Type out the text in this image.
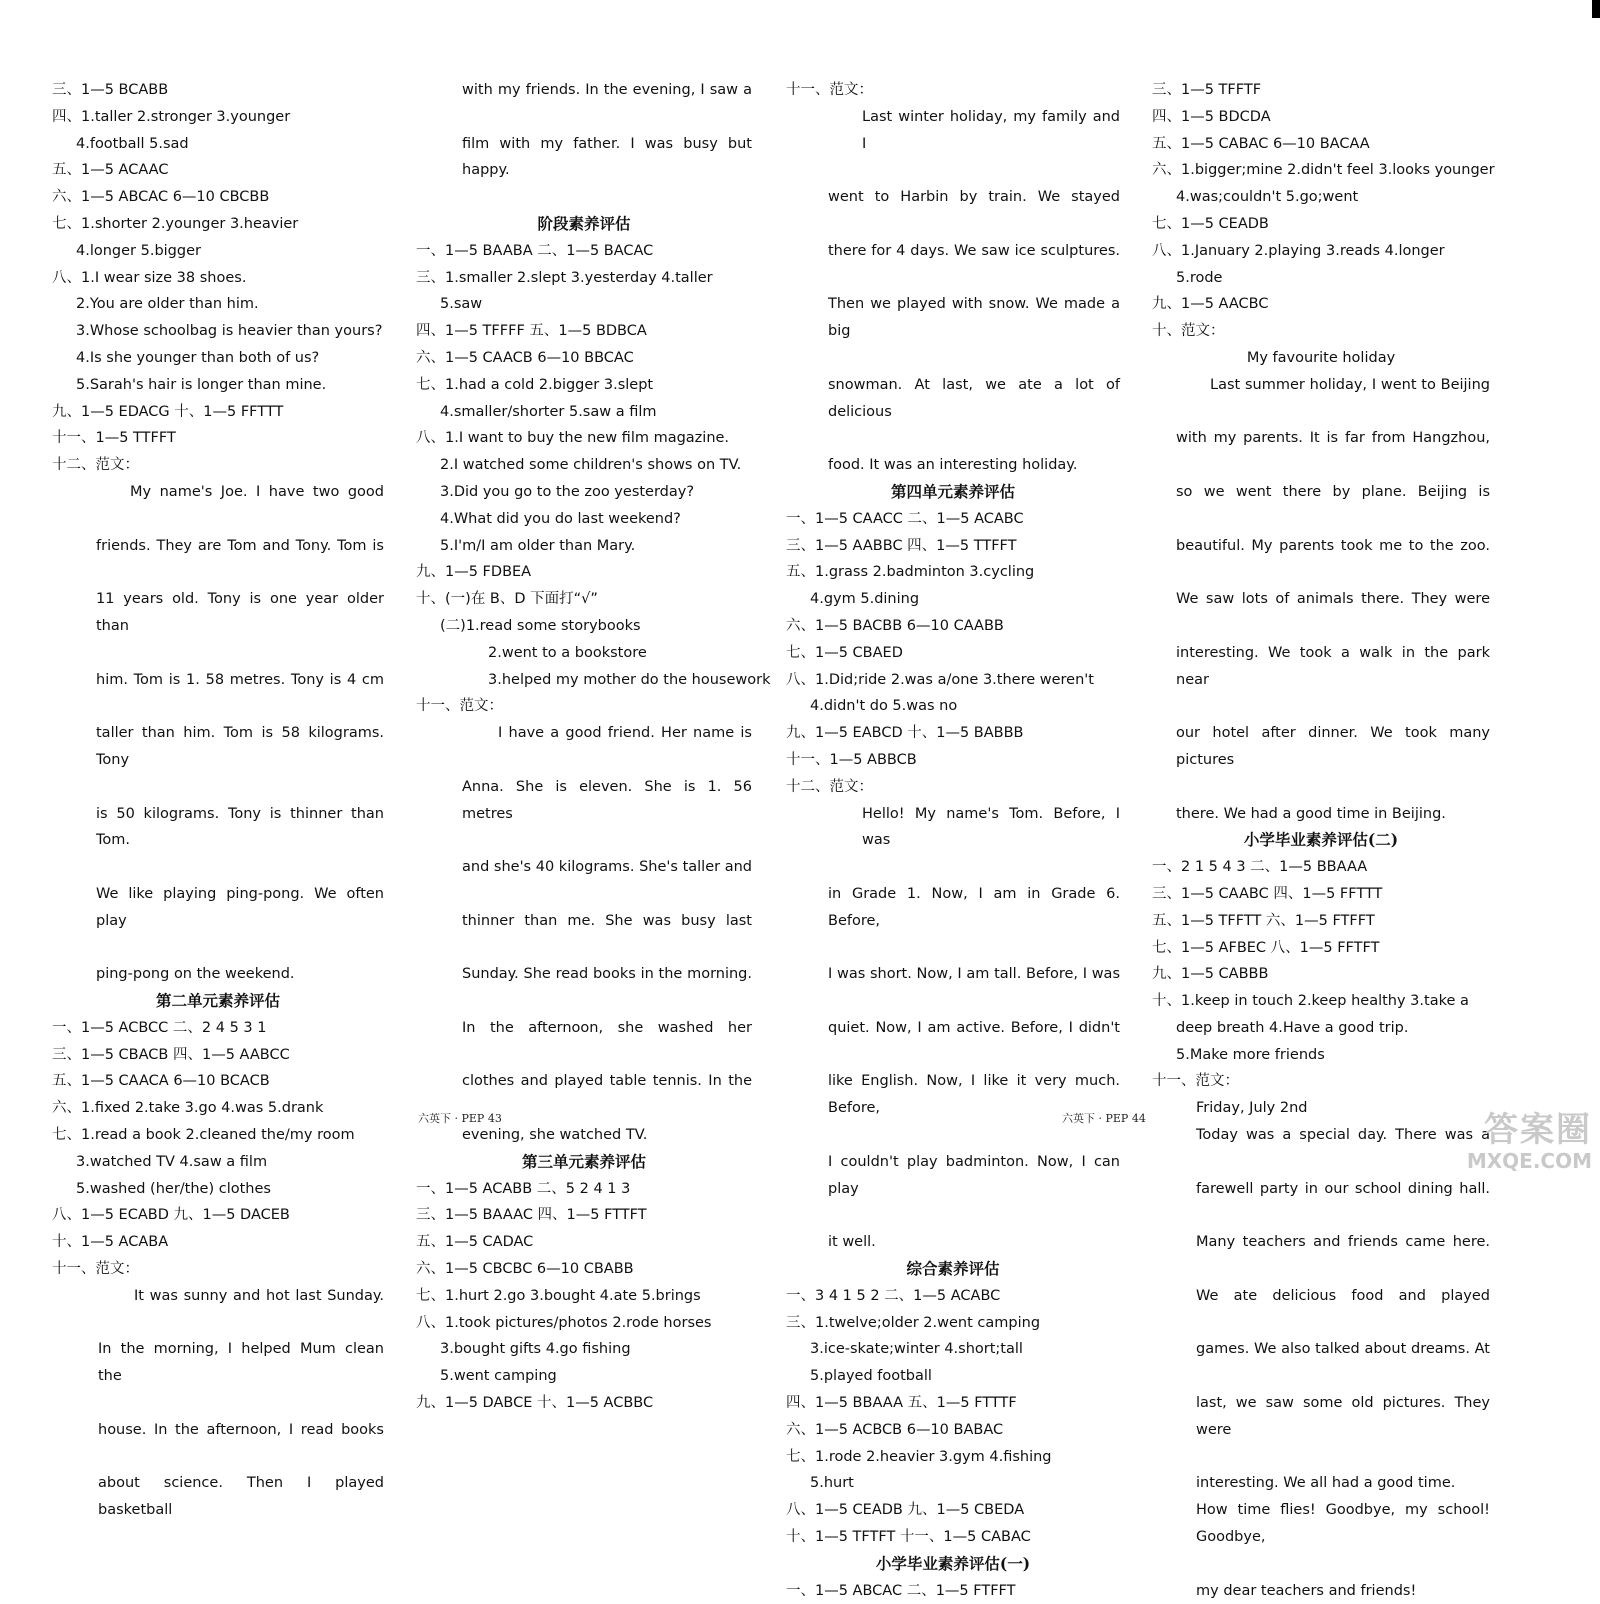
三、1—5 BCABB
四、1.taller 2.stronger 3.younger
4.football 5.sad
五、1—5 ACAAC
六、1—5 ABCAC 6—10 CBCBB
七、1.shorter 2.younger 3.heavier
4.longer 5.bigger
八、1.I wear size 38 shoes.
2.You are older than him.
3.Whose schoolbag is heavier than yours?
4.Is she younger than both of us?
5.Sarah's hair is longer than mine.
九、1—5 EDACG 十、1—5 FFTTT
十一、1—5 TTFFT
十二、范文：
My name's Joe. I have two good
friends. They are Tom and Tony. Tom is
11 years old. Tony is one year older than
him. Tom is 1. 58 metres. Tony is 4 cm
taller than him. Tom is 58 kilograms. Tony
is 50 kilograms. Tony is thinner than Tom.
We like playing ping-pong. We often play
ping-pong on the weekend.
第二单元素养评估
一、1—5 ACBCC 二、2 4 5 3 1
三、1—5 CBACB 四、1—5 AABCC
五、1—5 CAACA 6—10 BCACB
六、1.fixed 2.take 3.go 4.was 5.drank
七、1.read a book 2.cleaned the/my room
3.watched TV 4.saw a film
5.washed (her/the) clothes
八、1—5 ECABD 九、1—5 DACEB
十、1—5 ACABA
十一、范文：
It was sunny and hot last Sunday.
In the morning, I helped Mum clean the
house. In the afternoon, I read books
about science. Then I played basketball
with my friends. In the evening, I saw a
film with my father. I was busy but happy.
阶段素养评估
一、1—5 BAABA 二、1—5 BACAC
三、1.smaller 2.slept 3.yesterday 4.taller
5.saw
四、1—5 TFFFF 五、1—5 BDBCA
六、1—5 CAACB 6—10 BBCAC
七、1.had a cold 2.bigger 3.slept
4.smaller/shorter 5.saw a film
八、1.I want to buy the new film magazine.
2.I watched some children's shows on TV.
3.Did you go to the zoo yesterday?
4.What did you do last weekend?
5.I'm/I am older than Mary.
九、1—5 FDBEA
十、(一)在 B、D 下面打“√”
(二)1.read some storybooks
2.went to a bookstore
3.helped my mother do the housework
十一、范文：
I have a good friend. Her name is
Anna. She is eleven. She is 1. 56 metres
and she's 40 kilograms. She's taller and
thinner than me. She was busy last
Sunday. She read books in the morning.
In the afternoon, she washed her
clothes and played table tennis. In the
evening, she watched TV.
第三单元素养评估
一、1—5 ACABB 二、5 2 4 1 3
三、1—5 BAAAC 四、1—5 FTTFT
五、1—5 CADAC
六、1—5 CBCBC 6—10 CBABB
七、1.hurt 2.go 3.bought 4.ate 5.brings
八、1.took pictures/photos 2.rode horses
3.bought gifts 4.go fishing
5.went camping
九、1—5 DABCE 十、1—5 ACBBC
十一、范文：
Last winter holiday, my family and I
went to Harbin by train. We stayed
there for 4 days. We saw ice sculptures.
Then we played with snow. We made a big
snowman. At last, we ate a lot of delicious
food. It was an interesting holiday.
第四单元素养评估
一、1—5 CAACC 二、1—5 ACABC
三、1—5 AABBC 四、1—5 TTFFT
五、1.grass 2.badminton 3.cycling
4.gym 5.dining
六、1—5 BACBB 6—10 CAABB
七、1—5 CBAED
八、1.Did;ride 2.was a/one 3.there weren't
4.didn't do 5.was no
九、1—5 EABCD 十、1—5 BABBB
十一、1—5 ABBCB
十二、范文：
Hello! My name's Tom. Before, I was
in Grade 1. Now, I am in Grade 6. Before,
I was short. Now, I am tall. Before, I was
quiet. Now, I am active. Before, I didn't
like English. Now, I like it very much. Before,
I couldn't play badminton. Now, I can play
it well.
综合素养评估
一、3 4 1 5 2 二、1—5 ACABC
三、1.twelve;older 2.went camping
3.ice-skate;winter 4.short;tall
5.played football
四、1—5 BBAAA 五、1—5 FTTTF
六、1—5 ACBCB 6—10 BABAC
七、1.rode 2.heavier 3.gym 4.fishing
5.hurt
八、1—5 CEADB 九、1—5 CBEDA
十、1—5 TFTFT 十一、1—5 CABAC
小学毕业素养评估(一)
一、1—5 ABCAC 二、1—5 FTFFT
三、1—5 TFFTF
四、1—5 BDCDA
五、1—5 CABAC 6—10 BACAA
六、1.bigger;mine 2.didn't feel 3.looks younger
4.was;couldn't 5.go;went
七、1—5 CEADB
八、1.January 2.playing 3.reads 4.longer
5.rode
九、1—5 AACBC
十、范文：
My favourite holiday
Last summer holiday, I went to Beijing
with my parents. It is far from Hangzhou,
so we went there by plane. Beijing is
beautiful. My parents took me to the zoo.
We saw lots of animals there. They were
interesting. We took a walk in the park near
our hotel after dinner. We took many pictures
there. We had a good time in Beijing.
小学毕业素养评估(二)
一、2 1 5 4 3 二、1—5 BBAAA
三、1—5 CAABC 四、1—5 FFTTT
五、1—5 TFFTT 六、1—5 FTFFT
七、1—5 AFBEC 八、1—5 FFTFT
九、1—5 CABBB
十、1.keep in touch 2.keep healthy 3.take a
deep breath 4.Have a good trip.
5.Make more friends
十一、范文：
Friday, July 2nd
Today was a special day. There was a
farewell party in our school dining hall.
Many teachers and friends came here.
We ate delicious food and played
games. We also talked about dreams. At
last, we saw some old pictures. They were
interesting. We all had a good time.
How time flies! Goodbye, my school! Goodbye,
my dear teachers and friends!
六英下 · PEP 43	六英下 · PEP 44	答案圈
MXQE.COM
